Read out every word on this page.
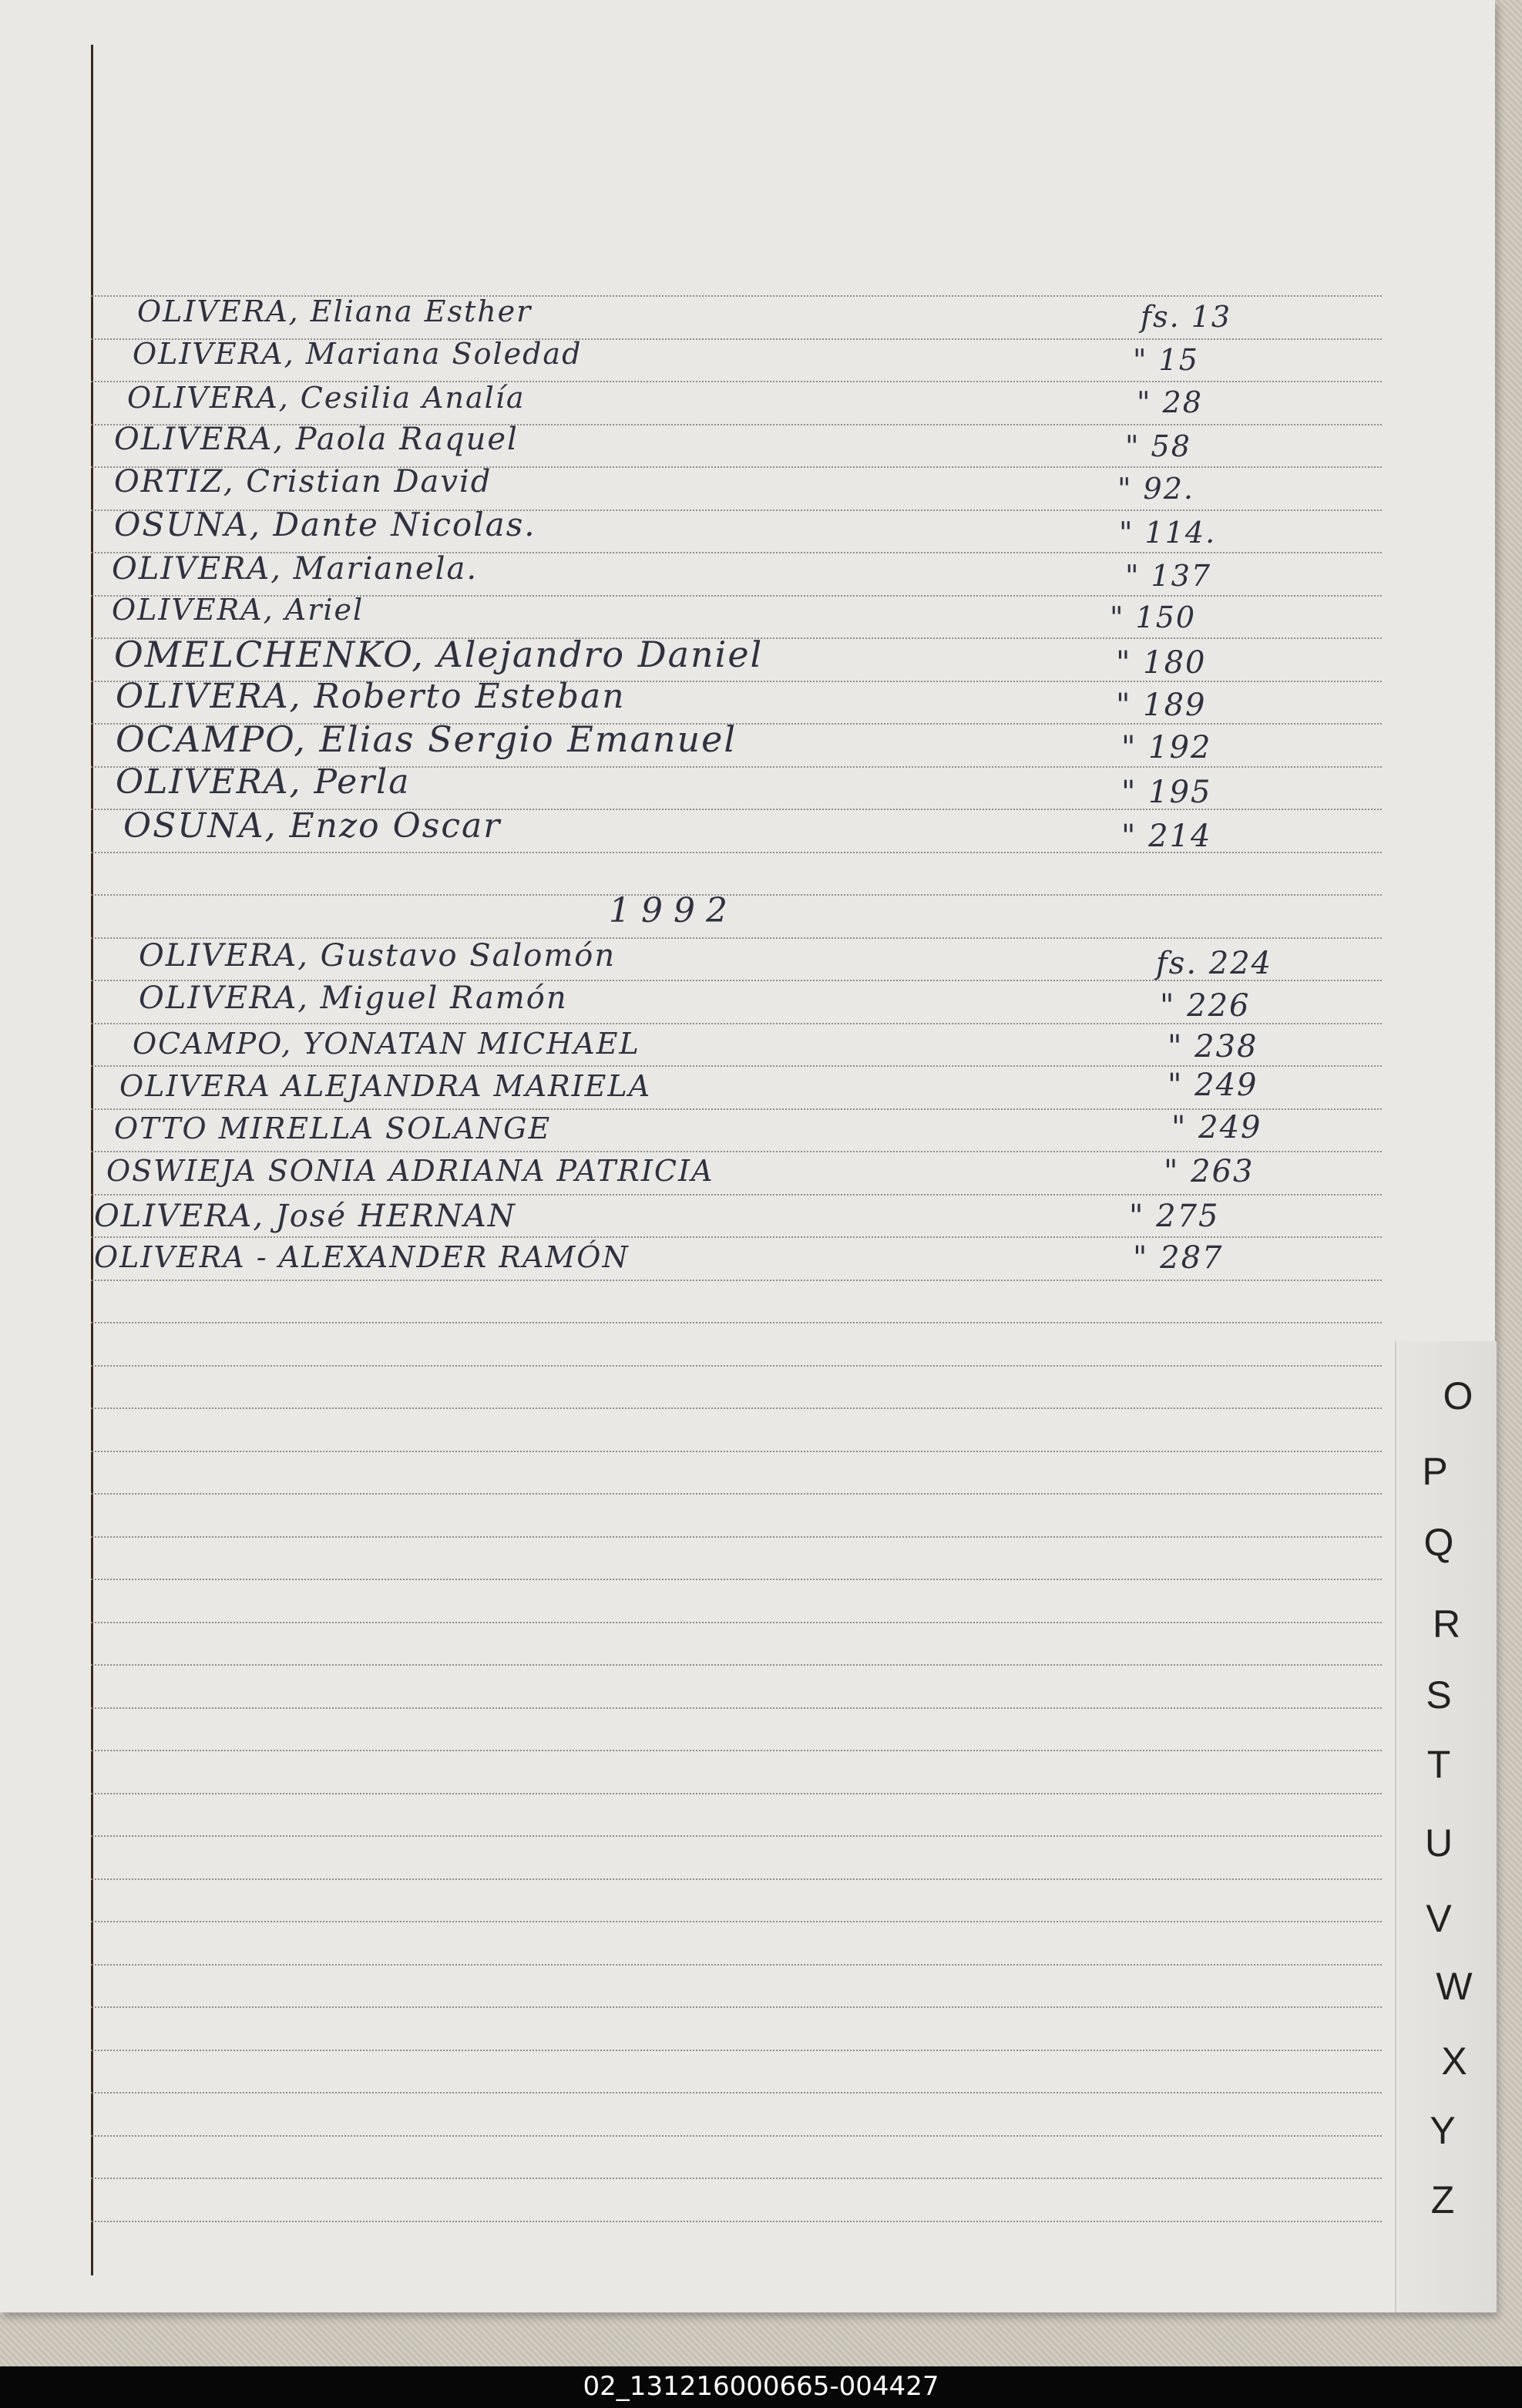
OLIVERA, Eliana Esther	fs. 13
OLIVERA, Mariana Soledad	" 15
OLIVERA, Cesilia Analía	" 28
OLIVERA, Paola Raquel	" 58
ORTIZ, Cristian David	" 92.
OSUNA, Dante Nicolas.	" 114.
OLIVERA, Marianela.	" 137
OLIVERA, Ariel	" 150
OMELCHENKO, Alejandro Daniel	" 180
OLIVERA, Roberto Esteban	" 189
OCAMPO, Elias Sergio Emanuel	" 192
OLIVERA, Perla	" 195
OSUNA, Enzo Oscar	" 214
1992
OLIVERA, Gustavo Salomón	fs. 224
OLIVERA, Miguel Ramón	" 226
OCAMPO, YONATAN MICHAEL	" 238
OLIVERA ALEJANDRA MARIELA	" 249
OTTO MIRELLA SOLANGE	" 249
OSWIEJA SONIA ADRIANA PATRICIA	" 263
OLIVERA, José HERNAN	" 275
OLIVERA - ALEXANDER RAMÓN	" 287
O
P
Q
R
S
T
U
V
W
X
Y
Z
02_131216000665-004427
